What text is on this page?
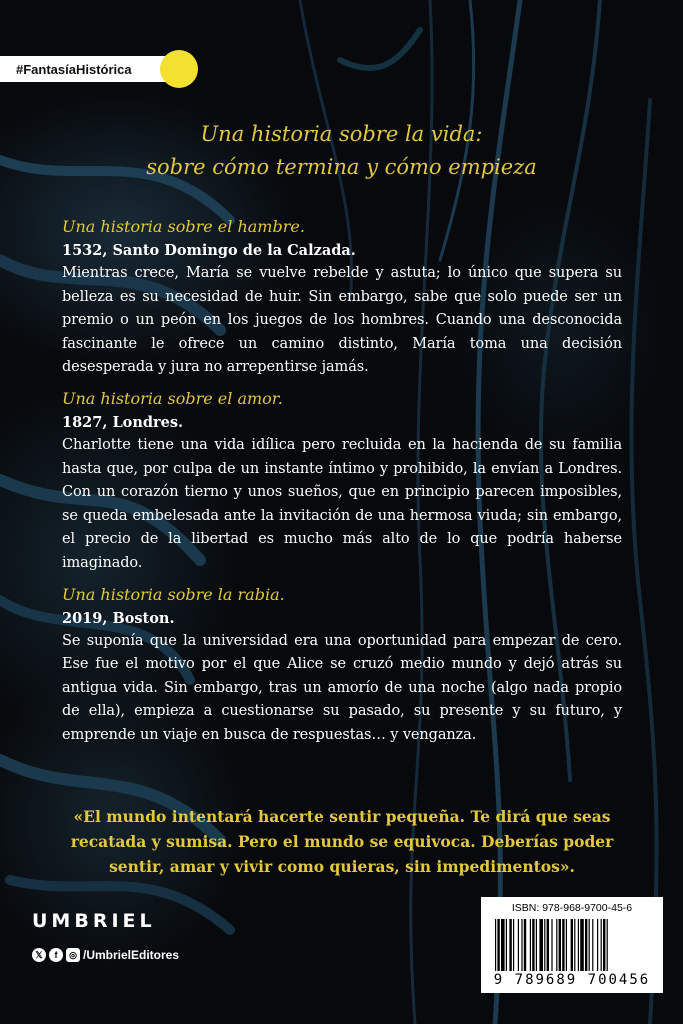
#FantasíaHistórica
Una historia sobre la vida:
sobre cómo termina y cómo empieza
Una historia sobre el hambre.
1532, Santo Domingo de la Calzada.
Mientras crece, María se vuelve rebelde y astuta; lo único que supera su belleza es su necesidad de huir. Sin embargo, sabe que solo puede ser un premio o un peón en los juegos de los hombres. Cuando una desconocida fascinante le ofrece un camino distinto, María toma una decisión desesperada y jura no arrepentirse jamás.
Una historia sobre el amor.
1827, Londres.
Charlotte tiene una vida idílica pero recluida en la hacienda de su familia hasta que, por culpa de un instante íntimo y prohibido, la envían a Londres. Con un corazón tierno y unos sueños, que en principio parecen imposibles, se queda embelesada ante la invitación de una hermosa viuda; sin embargo, el precio de la libertad es mucho más alto de lo que podría haberse imaginado.
Una historia sobre la rabia.
2019, Boston.
Se suponía que la universidad era una oportunidad para empezar de cero. Ese fue el motivo por el que Alice se cruzó medio mundo y dejó atrás su antigua vida. Sin embargo, tras un amorío de una noche (algo nada propio de ella), empieza a cuestionarse su pasado, su presente y su futuro, y emprende un viaje en busca de respuestas… y venganza.
«El mundo intentará hacerte sentir pequeña. Te dirá que seas recatada y sumisa. Pero el mundo se equivoca. Deberías poder sentir, amar y vivir como quieras, sin impedimentos».
UMBRIEL
𝕏	f	◎ /UmbrielEditores
ISBN: 978-968-9700-45-6
9 789689 700456
